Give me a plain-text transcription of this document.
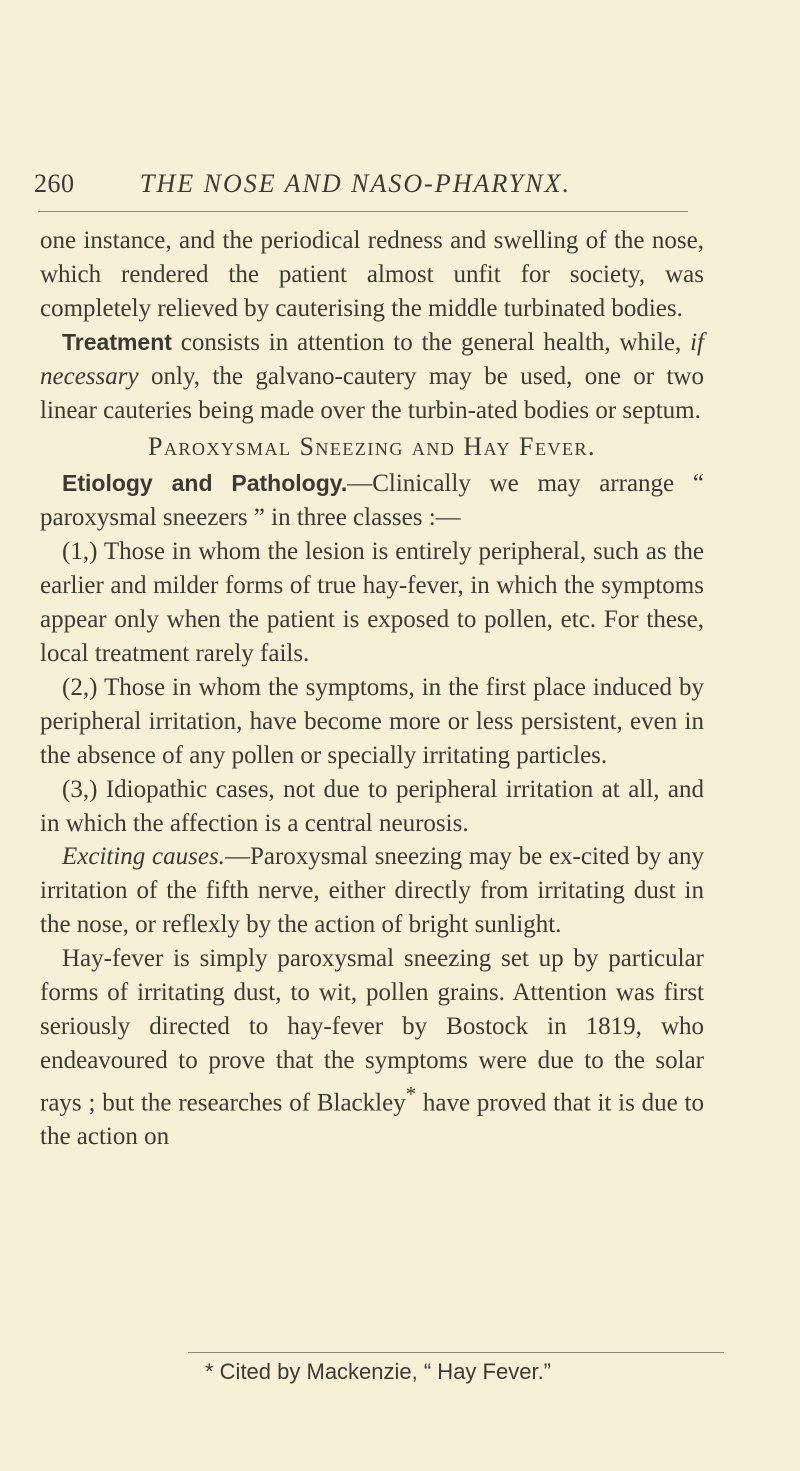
260	THE NOSE AND NASO-PHARYNX.

one instance, and the periodical redness and swelling of the nose, which rendered the patient almost unfit for society, was completely relieved by cauterising the middle turbinated bodies.

Treatment consists in attention to the general health, while, if necessary only, the galvano-cautery may be used, one or two linear cauteries being made over the turbin-ated bodies or septum.

Paroxysmal Sneezing and Hay Fever.

Etiology and Pathology.—Clinically we may arrange “ paroxysmal sneezers ” in three classes :—

(1,) Those in whom the lesion is entirely peripheral, such as the earlier and milder forms of true hay-fever, in which the symptoms appear only when the patient is exposed to pollen, etc. For these, local treatment rarely fails.

(2,) Those in whom the symptoms, in the first place induced by peripheral irritation, have become more or less persistent, even in the absence of any pollen or specially irritating particles.

(3,) Idiopathic cases, not due to peripheral irritation at all, and in which the affection is a central neurosis.

Exciting causes.—Paroxysmal sneezing may be ex-cited by any irritation of the fifth nerve, either directly from irritating dust in the nose, or reflexly by the action of bright sunlight.

Hay-fever is simply paroxysmal sneezing set up by particular forms of irritating dust, to wit, pollen grains. Attention was first seriously directed to hay-fever by Bostock in 1819, who endeavoured to prove that the symptoms were due to the solar rays ; but the researches of Blackley* have proved that it is due to the action on

* Cited by Mackenzie, “ Hay Fever.”
